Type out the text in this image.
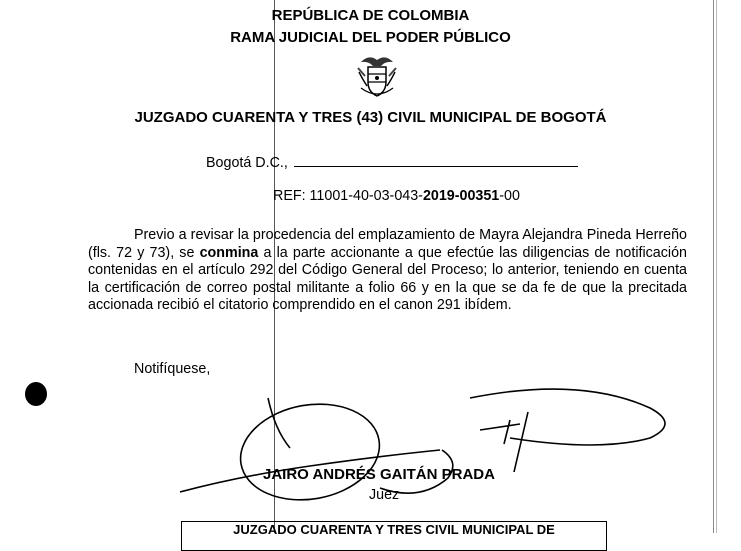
REPÚBLICA DE COLOMBIA
RAMA JUDICIAL DEL PODER PÚBLICO
JUZGADO CUARENTA Y TRES (43) CIVIL MUNICIPAL DE BOGOTÁ
Bogotá D.C.,
REF: 11001-40-03-043-2019-00351-00
Previo a revisar la procedencia del emplazamiento de Mayra Alejandra Pineda Herreño (fls. 72 y 73), se conmina a la parte accionante a que efectúe las diligencias de notificación contenidas en el artículo 292 del Código General del Proceso; lo anterior, teniendo en cuenta la certificación de correo postal militante a folio 66 y en la que se da fe de que la precitada accionada recibió el citatorio comprendido en el canon 291 ibídem.
Notifíquese,
JAIRO ANDRÉS GAITÁN PRADA
Juez
JUZGADO CUARENTA Y TRES CIVIL MUNICIPAL DE
